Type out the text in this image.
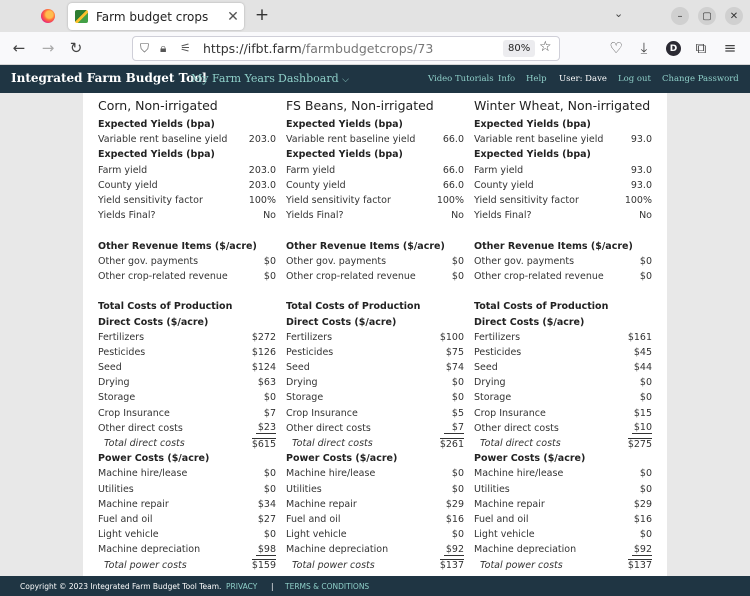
Farm budget crops	✕ +	⌄	–	▢	✕
← → ↻	⛉ 🔒︎ ⚟ https://ifbt.farm/farmbudgetcrops/73	80% ☆	♡	⤓	D	⧉	≡
Integrated Farm Budget Tool
My Farm Years Dashboard ⌵	Video Tutorials Info Help User: Dave Log out Change Password
Corn, Non-irrigated
Expected Yields (bpa)
Variable rent baseline yield 203.0
Expected Yields (bpa)
Farm yield	203.0
County yield	203.0
Yield sensitivity factor	100%
Yields Final?	No
Other Revenue Items ($/acre)
Other gov. payments	$0
Other crop-related revenue	$0
Total Costs of Production
Direct Costs ($/acre)
Fertilizers	$272
Pesticides	$126
Seed	$124
Drying	$63
Storage	$0
Crop Insurance	$7
Other direct costs	$23
Total direct costs	$615
Power Costs ($/acre)
Machine hire/lease	$0
Utilities	$0
Machine repair	$34
Fuel and oil	$27
Light vehicle	$0
Machine depreciation	$98
Total power costs	$159
FS Beans, Non-irrigated
Expected Yields (bpa)
Variable rent baseline yield	66.0
Expected Yields (bpa)
Farm yield	66.0
County yield	66.0
Yield sensitivity factor	100%
Yields Final?	No
Other Revenue Items ($/acre)
Other gov. payments	$0
Other crop-related revenue	$0
Total Costs of Production
Direct Costs ($/acre)
Fertilizers	$100
Pesticides	$75
Seed	$74
Drying	$0
Storage	$0
Crop Insurance	$5
Other direct costs	$7
Total direct costs	$261
Power Costs ($/acre)
Machine hire/lease	$0
Utilities	$0
Machine repair	$29
Fuel and oil	$16
Light vehicle	$0
Machine depreciation	$92
Total power costs	$137
Winter Wheat, Non-irrigated
Expected Yields (bpa)
Variable rent baseline yield	93.0
Expected Yields (bpa)
Farm yield	93.0
County yield	93.0
Yield sensitivity factor	100%
Yields Final?	No
Other Revenue Items ($/acre)
Other gov. payments	$0
Other crop-related revenue	$0
Total Costs of Production
Direct Costs ($/acre)
Fertilizers	$161
Pesticides	$45
Seed	$44
Drying	$0
Storage	$0
Crop Insurance	$15
Other direct costs	$10
Total direct costs	$275
Power Costs ($/acre)
Machine hire/lease	$0
Utilities	$0
Machine repair	$29
Fuel and oil	$16
Light vehicle	$0
Machine depreciation	$92
Total power costs	$137
Copyright © 2023 Integrated Farm Budget Tool Team. PRIVACY | TERMS & CONDITIONS
